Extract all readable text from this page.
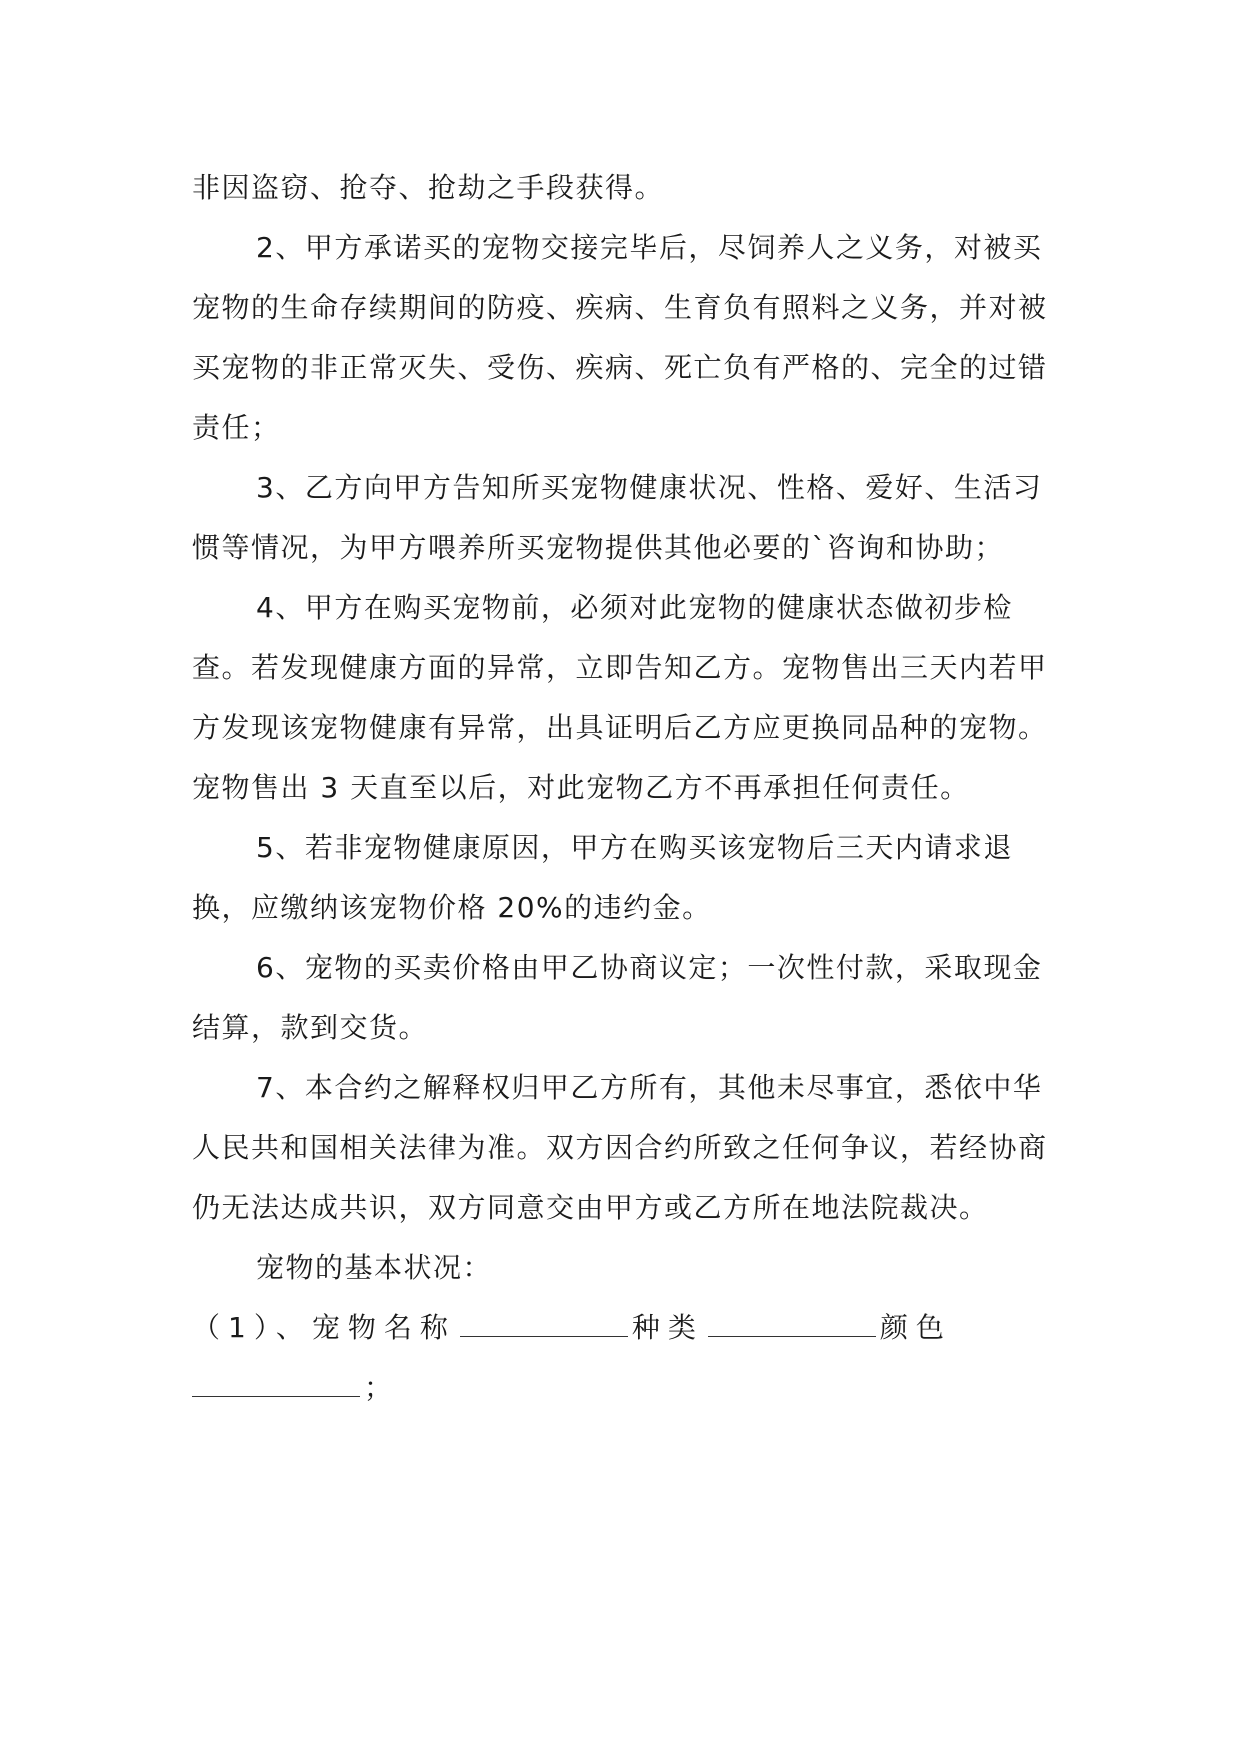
非因盗窃、抢夺、抢劫之手段获得。

2、甲方承诺买的宠物交接完毕后，尽饲养人之义务，对被买宠物的生命存续期间的防疫、疾病、生育负有照料之义务，并对被买宠物的非正常灭失、受伤、疾病、死亡负有严格的、完全的过错责任；

3、乙方向甲方告知所买宠物健康状况、性格、爱好、生活习惯等情况，为甲方喂养所买宠物提供其他必要的`咨询和协助；

4、甲方在购买宠物前，必须对此宠物的健康状态做初步检查。若发现健康方面的异常，立即告知乙方。宠物售出三天内若甲方发现该宠物健康有异常，出具证明后乙方应更换同品种的宠物。宠物售出 3 天直至以后，对此宠物乙方不再承担任何责任。

5、若非宠物健康原因，甲方在购买该宠物后三天内请求退换，应缴纳该宠物价格 20%的违约金。

6、宠物的买卖价格由甲乙协商议定；一次性付款，采取现金结算，款到交货。

7、本合约之解释权归甲乙方所有，其他未尽事宜，悉依中华人民共和国相关法律为准。双方因合约所致之任何争议，若经协商仍无法达成共识，双方同意交由甲方或乙方所在地法院裁决。

宠物的基本状况：

（1）、宠物名称	种类	颜色

；
